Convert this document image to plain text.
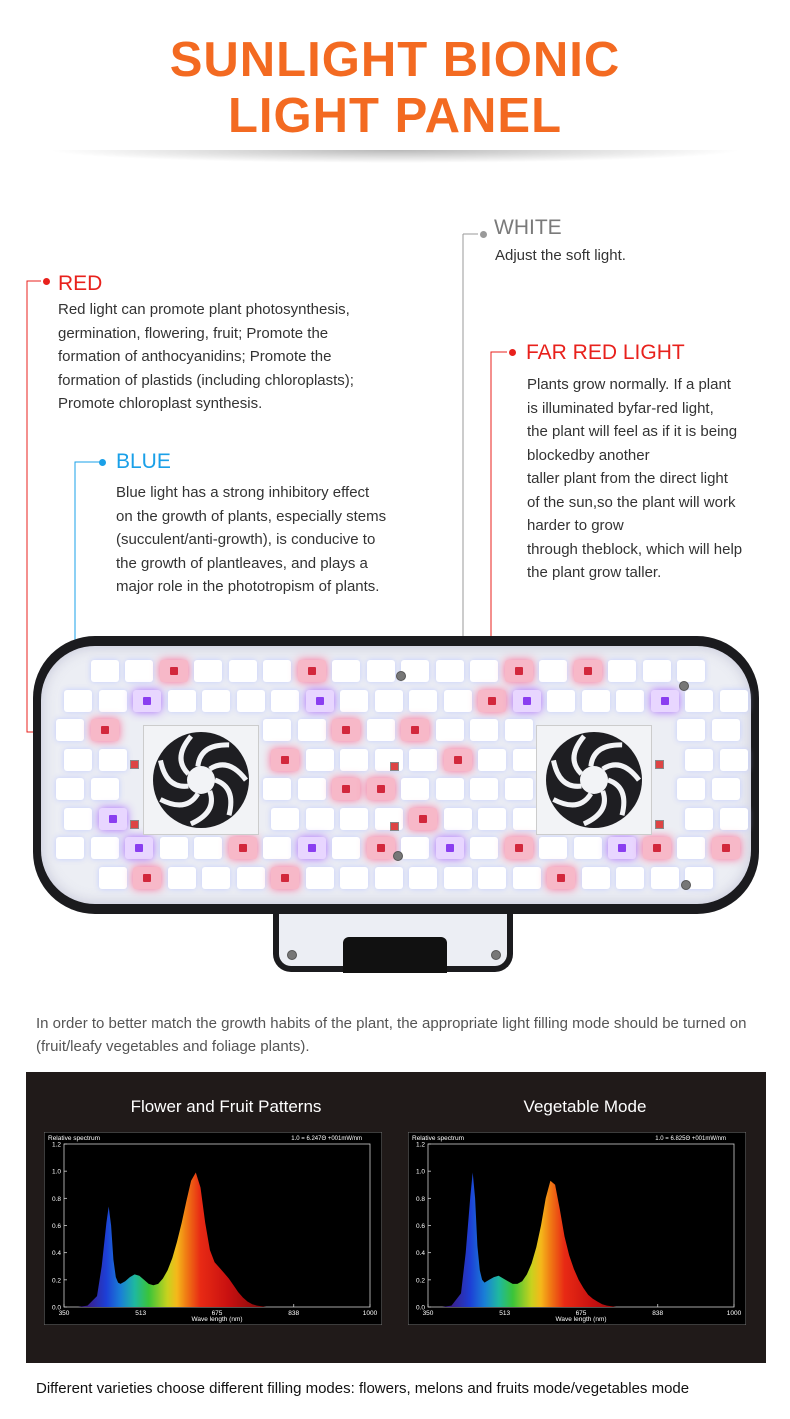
SUNLIGHT BIONIC
LIGHT PANEL
WHITE

Adjust the soft light.

RED

Red light can promote plant photosynthesis,

germination, flowering, fruit; Promote the

formation of anthocyanidins; Promote the

formation of plastids (including chloroplasts);

Promote chloroplast synthesis.

FAR RED LIGHT

Plants grow normally. If a plant

is illuminated byfar-red light,

the plant will feel as if it is being

blockedby another

taller plant from the direct light

of the sun,so the plant will work

harder to grow

through theblock, which will help

the plant grow taller.

BLUE

Blue light has a strong inhibitory effect

on the growth of plants, especially stems

(succulent/anti-growth), is conducive to

the growth of plantleaves, and plays a

major role in the phototropism of plants.

In order to better match the growth habits of the plant, the appropriate light filling mode should be turned on (fruit/leafy vegetables and foliage plants).

Flower and Fruit Patterns	Vegetable Mode
Relative spectrum	1.0 = 6.247Θ +001mW/nm
Wave length (nm)
0.0
0.2
0.4
0.6
0.8
1.0
1.2
350	513	675	838	1000
Relative spectrum	1.0 = 6.825Θ +001mW/nm
Wave length (nm)
0.0
0.2
0.4
0.6
0.8
1.0
1.2
350	513	675	838	1000
Different varieties choose different filling modes: flowers, melons and fruits mode/vegetables mode
